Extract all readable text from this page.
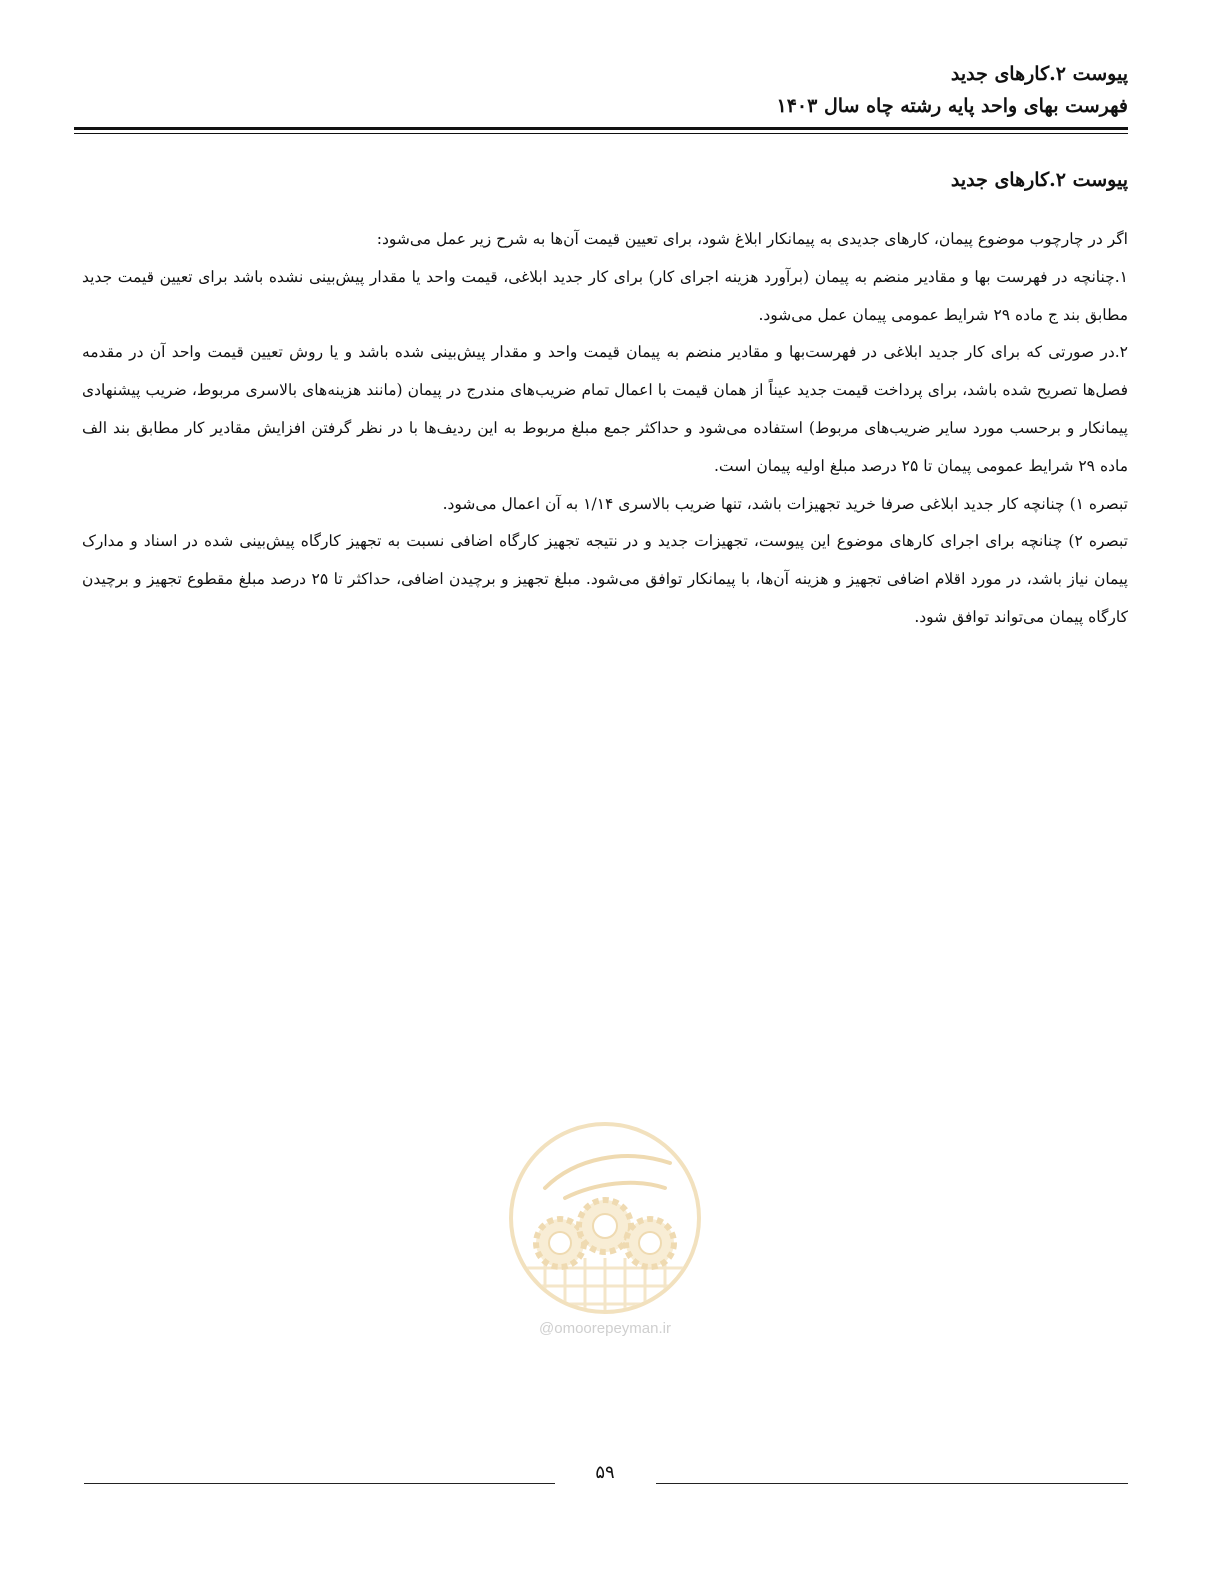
پیوست ۲.کارهای جدید

فهرست بهای واحد پایه رشته چاه سال ۱۴۰۳

پیوست ۲.کارهای جدید

اگر در چارچوب موضوع پیمان، کارهای جدیدی به پیمانکار ابلاغ شود، برای تعیین قیمت آن‌ها به شرح زیر عمل می‌شود:

۱.چنانچه در فهرست بها و مقادیر منضم به پیمان (برآورد هزینه اجرای کار) برای کار جدید ابلاغی، قیمت واحد یا مقدار پیش‌بینی نشده باشد برای تعیین قیمت جدید مطابق بند ج ماده ۲۹ شرایط عمومی پیمان عمل می‌شود.

۲.در صورتی که برای کار جدید ابلاغی در فهرست‌بها و مقادیر منضم به پیمان قیمت واحد و مقدار پیش‌بینی شده باشد و یا روش تعیین قیمت واحد آن در مقدمه فصل‌ها تصریح شده باشد، برای پرداخت قیمت جدید عیناً از همان قیمت با اعمال تمام ضریب‌های مندرج در پیمان (مانند هزینه‌های بالاسری مربوط، ضریب پیشنهادی پیمانکار و برحسب مورد سایر ضریب‌های مربوط) استفاده می‌شود و حداکثر جمع مبلغ مربوط به این ردیف‌ها با در نظر گرفتن افزایش مقادیر کار مطابق بند الف ماده ۲۹ شرایط عمومی پیمان تا ۲۵ درصد مبلغ اولیه پیمان است.

تبصره ۱) چنانچه کار جدید ابلاغی صرفا خرید تجهیزات باشد، تنها ضریب بالاسری ۱/۱۴ به آن اعمال می‌شود.

تبصره ۲) چنانچه برای اجرای کارهای موضوع این پیوست، تجهیزات جدید و در نتیجه تجهیز کارگاه اضافی نسبت به تجهیز کارگاه پیش‌بینی شده در اسناد و مدارک پیمان نیاز باشد، در مورد اقلام اضافی تجهیز و هزینه آن‌ها، با پیمانکار توافق می‌شود. مبلغ تجهیز و برچیدن اضافی، حداکثر تا ۲۵ درصد مبلغ مقطوع تجهیز و برچیدن کارگاه پیمان می‌تواند توافق شود.

@omoorepeyman.ir
۵۹
